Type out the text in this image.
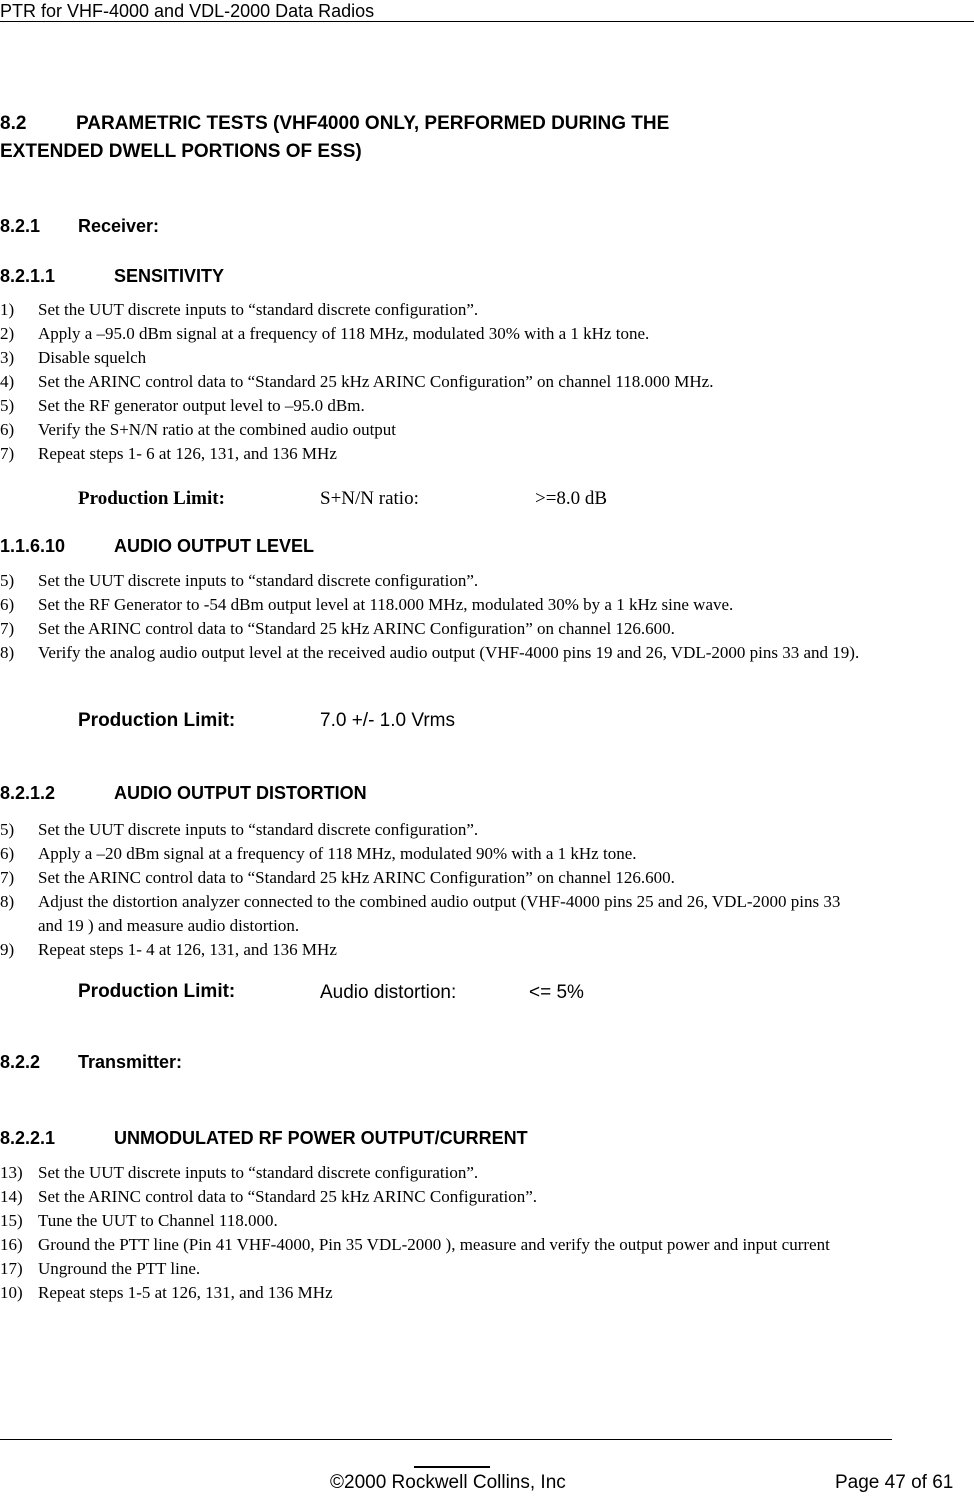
PTR for VHF-4000 and VDL-2000 Data Radios
8.2	PARAMETRIC TESTS (VHF4000 ONLY, PERFORMED DURING THE
EXTENDED DWELL PORTIONS OF ESS)
8.2.1 Receiver:
8.2.1.1	SENSITIVITY
1) Set the UUT discrete inputs to “standard discrete configuration”.
2) Apply a –95.0 dBm signal at a frequency of 118 MHz, modulated 30% with a 1 kHz tone.
3) Disable squelch
4) Set the ARINC control data to “Standard 25 kHz ARINC Configuration” on channel 118.000 MHz.
5) Set the RF generator output level to –95.0 dBm.
6) Verify the S+N/N ratio at the combined audio output
7) Repeat steps 1- 6 at 126, 131, and 136 MHz
Production Limit:	S+N/N ratio:	>=8.0 dB
1.1.6.10	AUDIO OUTPUT LEVEL
5) Set the UUT discrete inputs to “standard discrete configuration”.
6) Set the RF Generator to -54 dBm output level at 118.000 MHz, modulated 30% by a 1 kHz sine wave.
7) Set the ARINC control data to “Standard 25 kHz ARINC Configuration” on channel 126.600.
8) Verify the analog audio output level at the received audio output (VHF-4000 pins 19 and 26, VDL-2000 pins 33 and 19).
Production Limit:	7.0 +/- 1.0 Vrms
8.2.1.2	AUDIO OUTPUT DISTORTION
5) Set the UUT discrete inputs to “standard discrete configuration”.
6) Apply a –20 dBm signal at a frequency of 118 MHz, modulated 90% with a 1 kHz tone.
7) Set the ARINC control data to “Standard 25 kHz ARINC Configuration” on channel 126.600.
8) Adjust the distortion analyzer connected to the combined audio output (VHF-4000 pins 25 and 26, VDL-2000 pins 33 and 19 ) and measure audio distortion.
9) Repeat steps 1- 4 at 126, 131, and 136 MHz
Production Limit:	Audio distortion:	<= 5%
8.2.2 Transmitter:
8.2.2.1	UNMODULATED RF POWER OUTPUT/CURRENT
13) Set the UUT discrete inputs to “standard discrete configuration”.
14) Set the ARINC control data to “Standard 25 kHz ARINC Configuration”.
15) Tune the UUT to Channel 118.000.
16) Ground the PTT line (Pin 41 VHF-4000, Pin 35 VDL-2000 ), measure and verify the output power and input current
17) Unground the PTT line.
10) Repeat steps 1-5 at 126, 131, and 136 MHz
©2000 Rockwell Collins, Inc	Page 47 of 61
